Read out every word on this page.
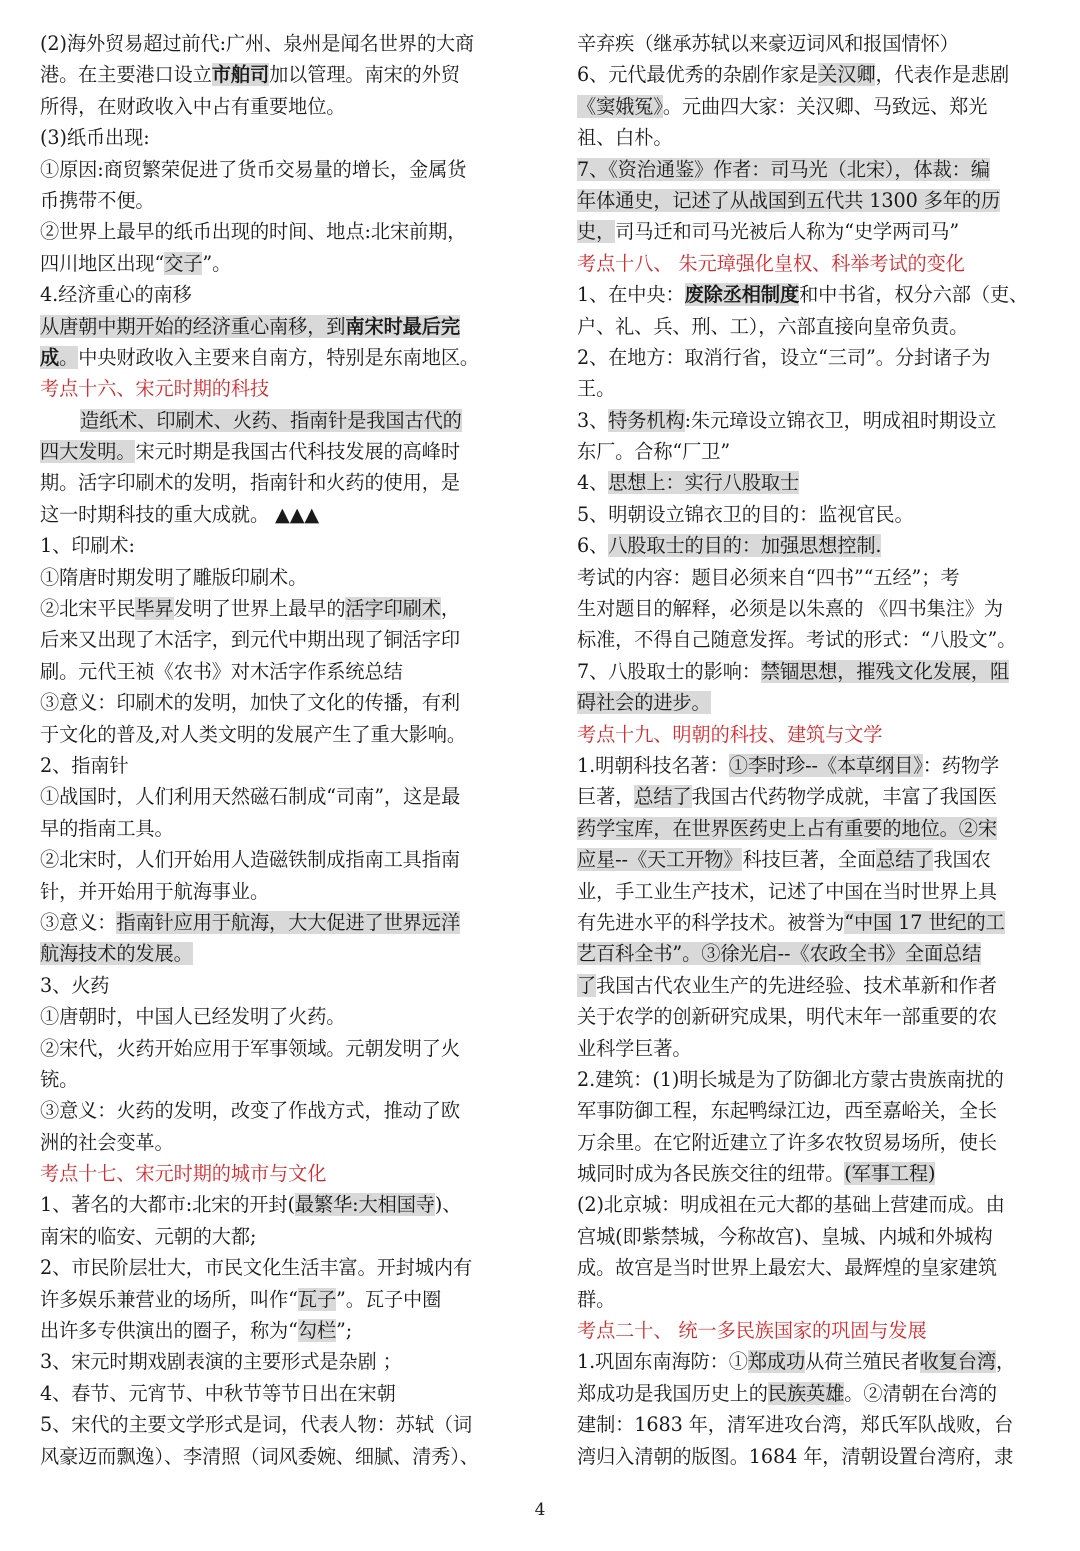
(2)海外贸易超过前代:广州、泉州是闻名世界的大商
港。在主要港口设立市舶司加以管理。南宋的外贸
所得，在财政收入中占有重要地位。
(3)纸币出现:
①原因:商贸繁荣促进了货币交易量的增长，金属货
币携带不便。
②世界上最早的纸币出现的时间、地点:北宋前期，
四川地区出现“交子”。
4.经济重心的南移
从唐朝中期开始的经济重心南移，到南宋时最后完
成。中央财政收入主要来自南方，特别是东南地区。
考点十六、宋元时期的科技
造纸术、印刷术、火药、指南针是我国古代的
四大发明。宋元时期是我国古代科技发展的高峰时
期。活字印刷术的发明，指南针和火药的使用，是
这一时期科技的重大成就。 ▲▲▲
1、印刷术:
①隋唐时期发明了雕版印刷术。
②北宋平民毕昇发明了世界上最早的活字印刷术，
后来又出现了木活字，到元代中期出现了铜活字印
刷。元代王祯《农书》对木活字作系统总结
③意义：印刷术的发明，加快了文化的传播，有利
于文化的普及,对人类文明的发展产生了重大影响。
2、指南针
①战国时，人们利用天然磁石制成“司南”，这是最
早的指南工具。
②北宋时，人们开始用人造磁铁制成指南工具指南
针，并开始用于航海事业。
③意义：指南针应用于航海，大大促进了世界远洋
航海技术的发展。
3、火药
①唐朝时，中国人已经发明了火药。
②宋代，火药开始应用于军事领域。元朝发明了火
铳。
③意义：火药的发明，改变了作战方式，推动了欧
洲的社会变革。
考点十七、宋元时期的城市与文化
1、著名的大都市:北宋的开封(最繁华:大相国寺)、
南宋的临安、元朝的大都;
2、市民阶层壮大，市民文化生活丰富。开封城内有
许多娱乐兼营业的场所，叫作“瓦子”。瓦子中圈
出许多专供演出的圈子，称为“勾栏”;
3、宋元时期戏剧表演的主要形式是杂剧 ；
4、春节、元宵节、中秋节等节日出在宋朝
5、宋代的主要文学形式是词，代表人物：苏轼（词
风豪迈而飘逸）、李清照（词风委婉、细腻、清秀）、
辛弃疾（继承苏轼以来豪迈词风和报国情怀）
6、元代最优秀的杂剧作家是关汉卿，代表作是悲剧
《窦娥冤》。元曲四大家：关汉卿、马致远、郑光
祖、白朴。
7、《资治通鉴》作者：司马光（北宋），体裁：编
年体通史，记述了从战国到五代共 1300 多年的历
史，司马迁和司马光被后人称为“史学两司马”
考点十八、 朱元璋强化皇权、科举考试的变化
1、在中央：废除丞相制度和中书省，权分六部（吏、
户、礼、兵、刑、工），六部直接向皇帝负责。
2、在地方：取消行省，设立“三司”。分封诸子为
王。
3、特务机构:朱元璋设立锦衣卫，明成祖时期设立
东厂。合称“厂卫”
4、思想上：实行八股取士
5、明朝设立锦衣卫的目的：监视官民。
6、八股取士的目的：加强思想控制.
考试的内容：题目必须来自“四书”“五经”；考
生对题目的解释，必须是以朱熹的 《四书集注》为
标准，不得自己随意发挥。考试的形式：“八股文”。
7、八股取士的影响：禁锢思想，摧残文化发展，阻
碍社会的进步。
考点十九、明朝的科技、建筑与文学
1.明朝科技名著：①李时珍--《本草纲目》：药物学
巨著，总结了我国古代药物学成就，丰富了我国医
药学宝库，在世界医药史上占有重要的地位。②宋
应星--《天工开物》科技巨著，全面总结了我国农
业，手工业生产技术，记述了中国在当时世界上具
有先进水平的科学技术。被誉为“中国 17 世纪的工
艺百科全书”。③徐光启--《农政全书》全面总结
了我国古代农业生产的先进经验、技术革新和作者
关于农学的创新研究成果，明代末年一部重要的农
业科学巨著。
2.建筑：(1)明长城是为了防御北方蒙古贵族南扰的
军事防御工程，东起鸭绿江边，西至嘉峪关，全长
万余里。在它附近建立了许多农牧贸易场所，使长
城同时成为各民族交往的纽带。(军事工程)
(2)北京城：明成祖在元大都的基础上营建而成。由
宫城(即紫禁城，今称故宫)、皇城、内城和外城构
成。故宫是当时世界上最宏大、最辉煌的皇家建筑
群。
考点二十、 统一多民族国家的巩固与发展
1.巩固东南海防：①郑成功从荷兰殖民者收复台湾，
郑成功是我国历史上的民族英雄。②清朝在台湾的
建制：1683 年，清军进攻台湾，郑氏军队战败，台
湾归入清朝的版图。1684 年，清朝设置台湾府，隶
4
